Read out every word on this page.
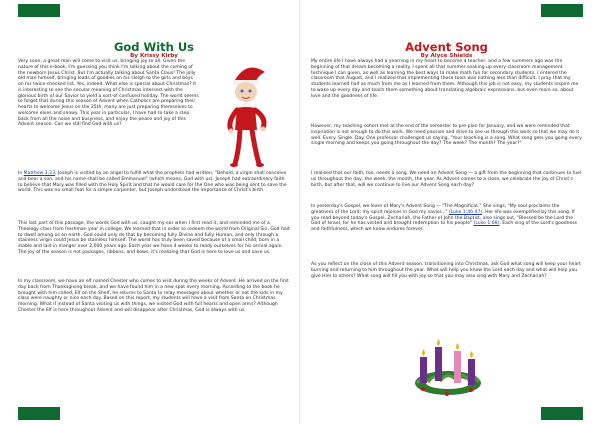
God With Us
By Krissy Kirby

Very soon, a great man will come to visit us, bringing joy to all. Given the nature of this e-book, I'm guessing you think I'm talking about the coming of the newborn Jesus Christ. But I'm actually talking about Santa Claus! The jolly old man himself, bringing loads of goodies on his sleigh to the girls and boys on his twice-checked list. Yes, indeed. What else is special about Christmas? It is interesting to see the secular meaning of Christmas intersect with the glorious birth of our Savior to yield a sort-of confused holiday. The world seems to forget that during this season of Advent when Catholics are preparing their hearts to welcome Jesus on the 25th, many are just preparing themselves to welcome elves and snowy. This year in particular, I have had to take a step back from all the noise and busyness, and enjoy the peace and joy of this Advent season. Can we still find God with us?

In Matthew 1:23, Joseph is visited by an angel to fulfill what the prophets had written, "Behold, a virgin shall conceive and bear a son, and his name shall be called Emmanuel" (which means, God with us). Joseph had extraordinary faith to believe that Mary was filled with the Holy Spirit and that he would care for the One who was being sent to save the world. This was no small feat for a simple carpenter, but Joseph understood the importance of Christ's birth.

This last part of this passage, the words God with us, caught my ear when I first read it, and reminded me of a Theology class from freshman year in college. We learned that in order to redeem the world from Original Sin, God had to dwell among us on earth. God could only do that by becoming fully Divine and fully Human, and only through a stainless virgin could Jesus be stainless himself. The world has truly been saved because of a small child, born in a stable and laid in manger over 2,000 years ago. Each year we have 4 weeks to ready ourselves for his arrival again. The joy of the season is not packages, ribbons, and bows, it's realizing that God is here to love us and save us.

In my classroom, we have an elf named Chester who comes to visit during the weeks of Advent. He arrived on the first day back from Thanksgiving break, and we have found him in a new spot every morning. According to the book he brought with him called, Elf on the Shelf, he returns to Santa to relay messages about whether or not the kids in my class were naughty or nice each day. Based on this report, my students will have a visit from Santa on Christmas morning. What if instead of Santa visiting us with things, we visited God with full hearts and open arms? Although Chester the Elf is here throughout Advent and will disappear after Christmas, God is always with us.

Advent Song
By Alyce Shields

My entire life I have always had a yearning in my heart to become a teacher, and a few summers ago was the beginning of that dream becoming a reality. I spent all that summer soaking up every classroom management technique I can given, as well as learning the best ways to make math fun for secondary students. I entered the classroom that August, and I realized that implementing those tools was nothing less than difficult. I pray that my students learned half as much from me as I learned from them. Although this job is not easy, my students inspire me to wake up every day and teach them something about translating algebraic expressions, but even more so, about love and the goodness of life.

However, my teaching cohort met at the end of the semester to pre-plan for January, and we were reminded that inspiration is not enough to do this work. We need passion and drive to see us through this work so that we may do it well. Every. Single. Day. One professor challenged us saying, "Your teaching is a song. What song gets you going every single morning and keeps you going throughout the day? The week? The month? The year?"

I realized that our faith, too, needs a song. We need an Advent Song — a gift from the beginning that continues to fuel us throughout the day, the week, the month, the year. As Advent comes to a close, we celebrate the joy of Christ's birth, but after that, will we continue to live our Advent Song each day?

In yesterday's Gospel, we learn of Mary's Advent Song — "The Magnificat." She sings, "My soul proclaims the greatness of the Lord; my spirit rejoices in God my savior..." (Luke 1:46-47). Her life was exemplified by this song. If you read beyond today's Gospel, Zechariah, the Father of John the Baptist, also sings out, "Blessed be the Lord the God of Israel, for he has visited and brought redemption to his people" (Luke 1:68). Each sing of the Lord's goodness and faithfulness, which we know endures forever.

As you reflect on the close of this Advent season, transitioning into Christmas, ask God what song will keep your heart burning and returning to him throughout the year. What will help you know the Lord each day and what will help you give Him to others? What song will fill you with joy so that you may also sing with Mary and Zechariah?
